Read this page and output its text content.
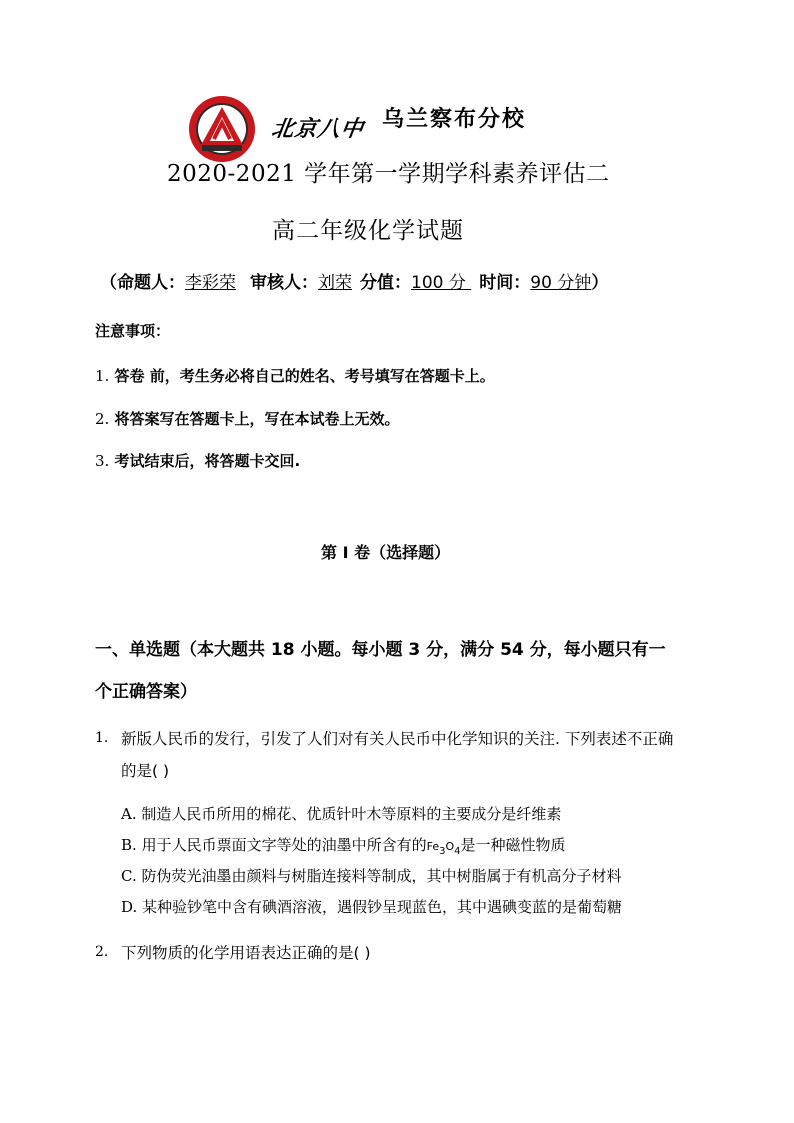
北京八中 乌兰察布分校
2020-2021 学年第一学期学科素养评估二
高二年级化学试题
（命题人：李彩荣 审核人：刘荣 分值：100 分 时间：90 分钟）
注意事项：
1. 答卷 前，考生务必将自己的姓名、考号填写在答题卡上。
2. 将答案写在答题卡上，写在本试卷上无效。
3. 考试结束后，将答题卡交回.
第 I 卷（选择题）
一、单选题（本大题共 18 小题。每小题 3 分，满分 54 分，每小题只有一
个正确答案）
1. 新版人民币的发行，引发了人们对有关人民币中化学知识的关注. 下列表述不正确
的是( )
A. 制造人民币所用的棉花、优质针叶木等原料的主要成分是纤维素
B. 用于人民币票面文字等处的油墨中所含有的$Fe_3O_4$是一种磁性物质
C. 防伪荧光油墨由颜料与树脂连接料等制成，其中树脂属于有机高分子材料
D. 某种验钞笔中含有碘酒溶液，遇假钞呈现蓝色，其中遇碘变蓝的是葡萄糖
2. 下列物质的化学用语表达正确的是( )
